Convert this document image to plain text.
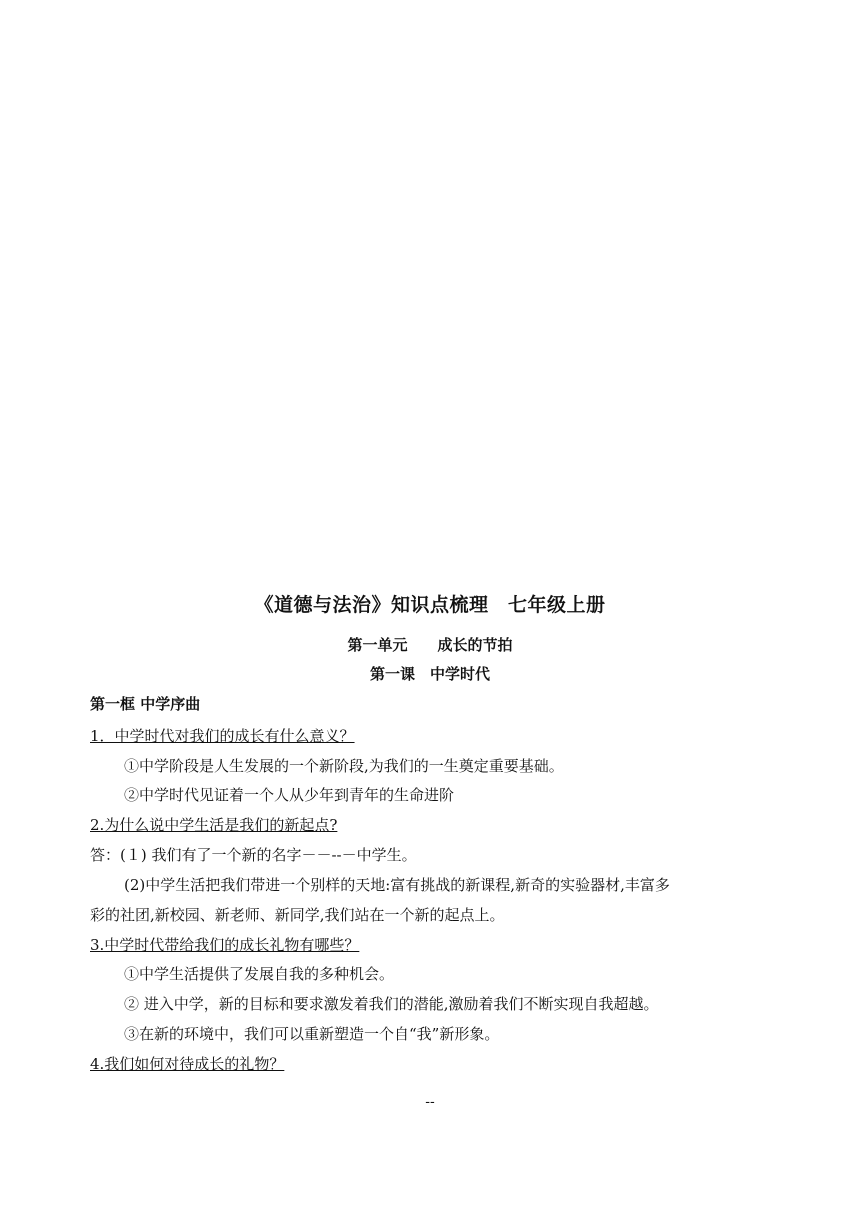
《道德与法治》知识点梳理　七年级上册
第一单元　　成长的节拍
第一课　中学时代
第一框 中学序曲
1．中学时代对我们的成长有什么意义？
①中学阶段是人生发展的一个新阶段,为我们的一生奠定重要基础。
②中学时代见证着一个人从少年到青年的生命进阶
2.为什么说中学生活是我们的新起点?
答：(１) 我们有了一个新的名字－－--－中学生。
(2)中学生活把我们带进一个别样的天地:富有挑战的新课程,新奇的实验器材,丰富多
彩的社团,新校园、新老师、新同学,我们站在一个新的起点上。
3.中学时代带给我们的成长礼物有哪些？
①中学生活提供了发展自我的多种机会。
② 进入中学，新的目标和要求激发着我们的潜能,激励着我们不断实现自我超越。
③在新的环境中，我们可以重新塑造一个自“我”新形象。
4.我们如何对待成长的礼物？
--
